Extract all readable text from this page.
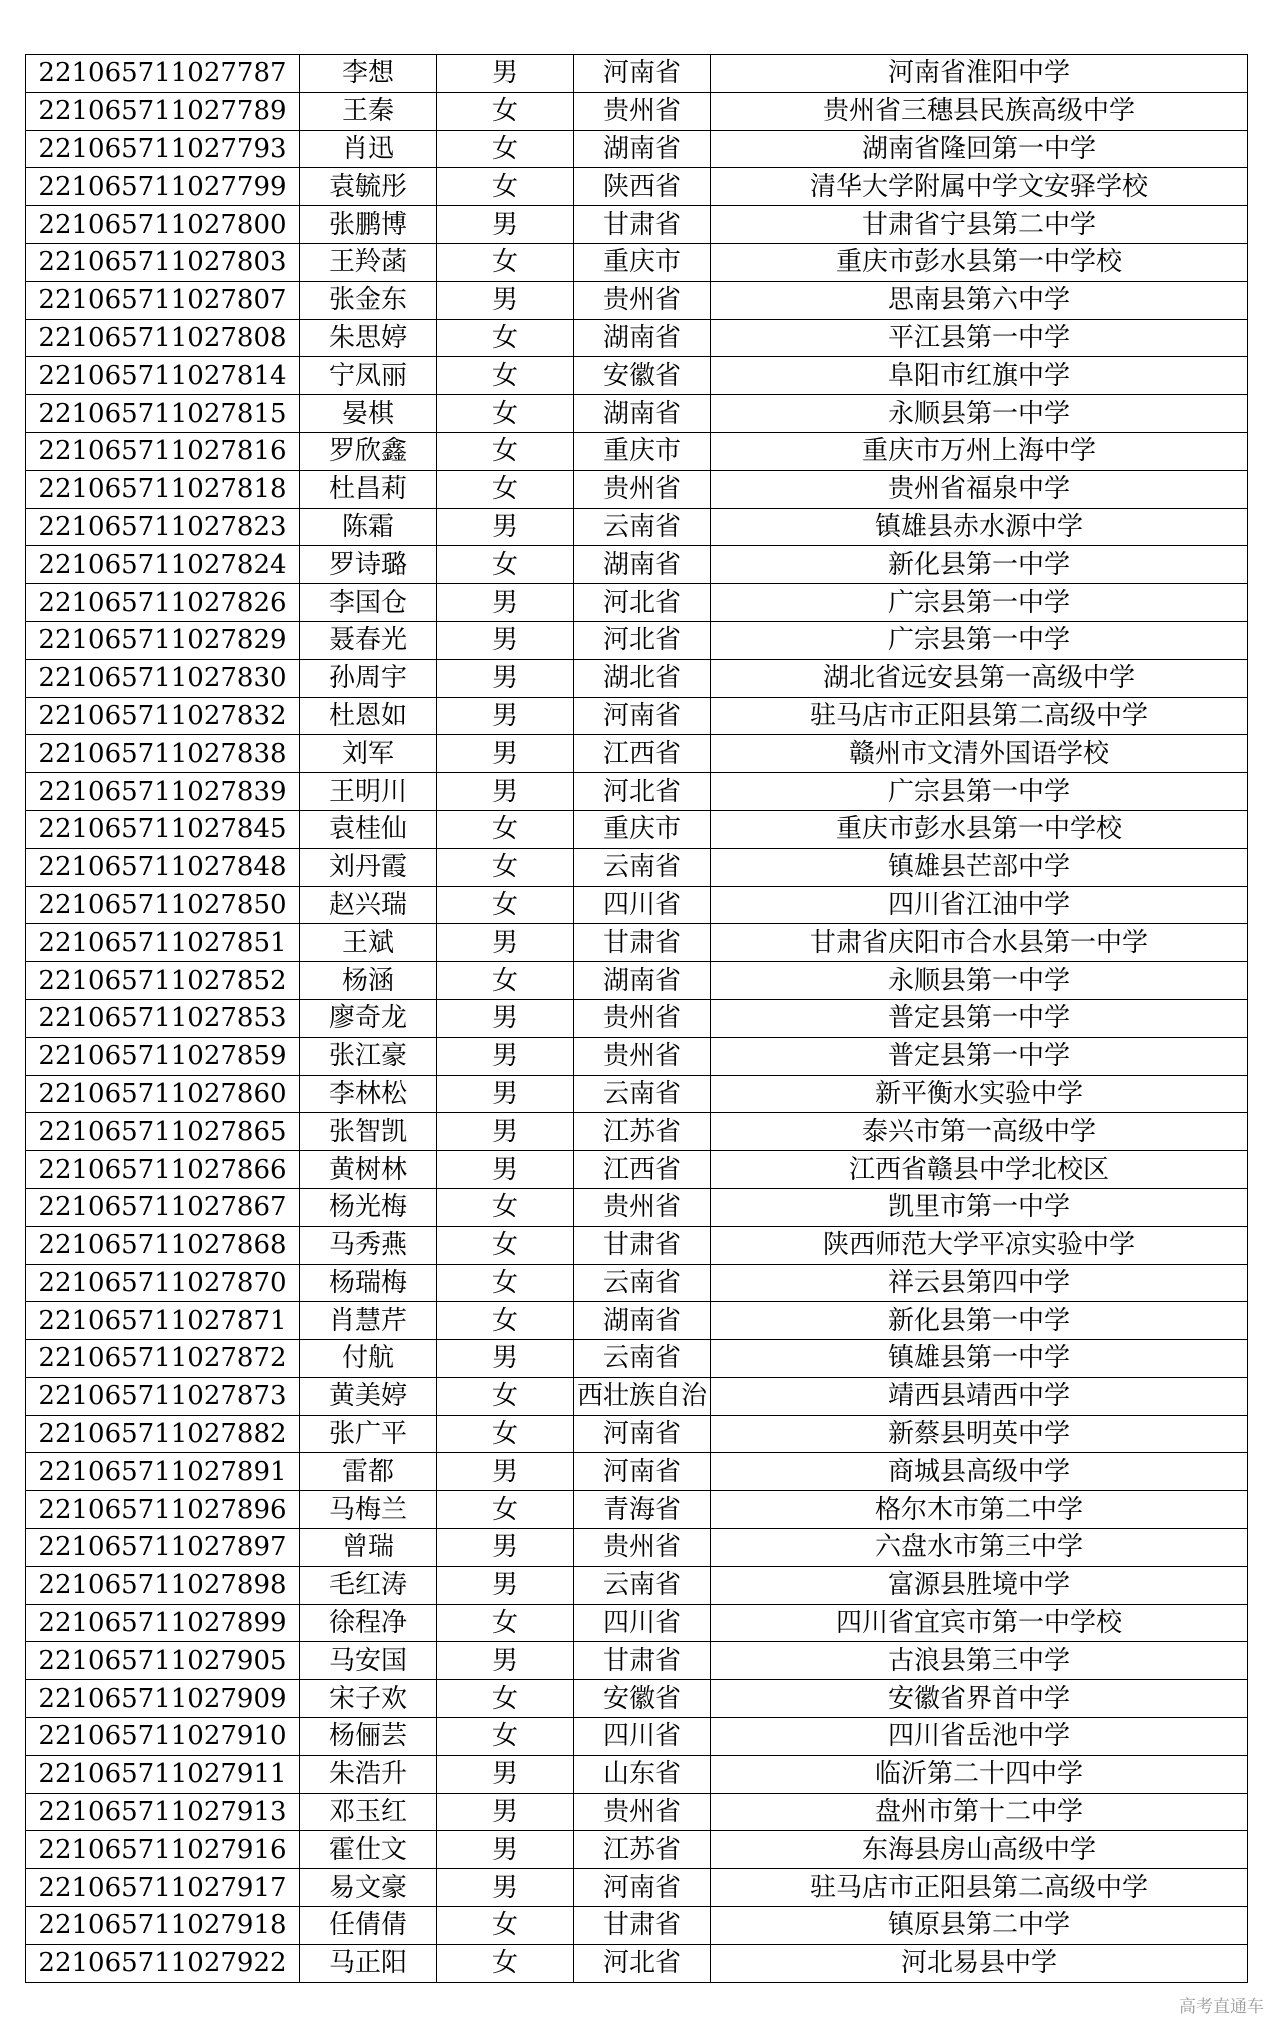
221065711027787	李想	男	河南省	河南省淮阳中学
221065711027789	王秦	女	贵州省	贵州省三穗县民族高级中学
221065711027793	肖迅	女	湖南省	湖南省隆回第一中学
221065711027799	袁毓彤	女	陕西省	清华大学附属中学文安驿学校
221065711027800	张鹏博	男	甘肃省	甘肃省宁县第二中学
221065711027803	王羚菡	女	重庆市	重庆市彭水县第一中学校
221065711027807	张金东	男	贵州省	思南县第六中学
221065711027808	朱思婷	女	湖南省	平江县第一中学
221065711027814	宁凤丽	女	安徽省	阜阳市红旗中学
221065711027815	晏棋	女	湖南省	永顺县第一中学
221065711027816	罗欣鑫	女	重庆市	重庆市万州上海中学
221065711027818	杜昌莉	女	贵州省	贵州省福泉中学
221065711027823	陈霜	男	云南省	镇雄县赤水源中学
221065711027824	罗诗璐	女	湖南省	新化县第一中学
221065711027826	李国仓	男	河北省	广宗县第一中学
221065711027829	聂春光	男	河北省	广宗县第一中学
221065711027830	孙周宇	男	湖北省	湖北省远安县第一高级中学
221065711027832	杜恩如	男	河南省	驻马店市正阳县第二高级中学
221065711027838	刘军	男	江西省	赣州市文清外国语学校
221065711027839	王明川	男	河北省	广宗县第一中学
221065711027845	袁桂仙	女	重庆市	重庆市彭水县第一中学校
221065711027848	刘丹霞	女	云南省	镇雄县芒部中学
221065711027850	赵兴瑞	女	四川省	四川省江油中学
221065711027851	王斌	男	甘肃省	甘肃省庆阳市合水县第一中学
221065711027852	杨涵	女	湖南省	永顺县第一中学
221065711027853	廖奇龙	男	贵州省	普定县第一中学
221065711027859	张江豪	男	贵州省	普定县第一中学
221065711027860	李林松	男	云南省	新平衡水实验中学
221065711027865	张智凯	男	江苏省	泰兴市第一高级中学
221065711027866	黄树林	男	江西省	江西省赣县中学北校区
221065711027867	杨光梅	女	贵州省	凯里市第一中学
221065711027868	马秀燕	女	甘肃省	陕西师范大学平凉实验中学
221065711027870	杨瑞梅	女	云南省	祥云县第四中学
221065711027871	肖慧芹	女	湖南省	新化县第一中学
221065711027872	付航	男	云南省	镇雄县第一中学
221065711027873	黄美婷	女	西壮族自治	靖西县靖西中学
221065711027882	张广平	女	河南省	新蔡县明英中学
221065711027891	雷都	男	河南省	商城县高级中学
221065711027896	马梅兰	女	青海省	格尔木市第二中学
221065711027897	曾瑞	男	贵州省	六盘水市第三中学
221065711027898	毛红涛	男	云南省	富源县胜境中学
221065711027899	徐程净	女	四川省	四川省宜宾市第一中学校
221065711027905	马安国	男	甘肃省	古浪县第三中学
221065711027909	宋子欢	女	安徽省	安徽省界首中学
221065711027910	杨俪芸	女	四川省	四川省岳池中学
221065711027911	朱浩升	男	山东省	临沂第二十四中学
221065711027913	邓玉红	男	贵州省	盘州市第十二中学
221065711027916	霍仕文	男	江苏省	东海县房山高级中学
221065711027917	易文豪	男	河南省	驻马店市正阳县第二高级中学
221065711027918	任倩倩	女	甘肃省	镇原县第二中学
221065711027922	马正阳	女	河北省	河北易县中学
高考直通车
